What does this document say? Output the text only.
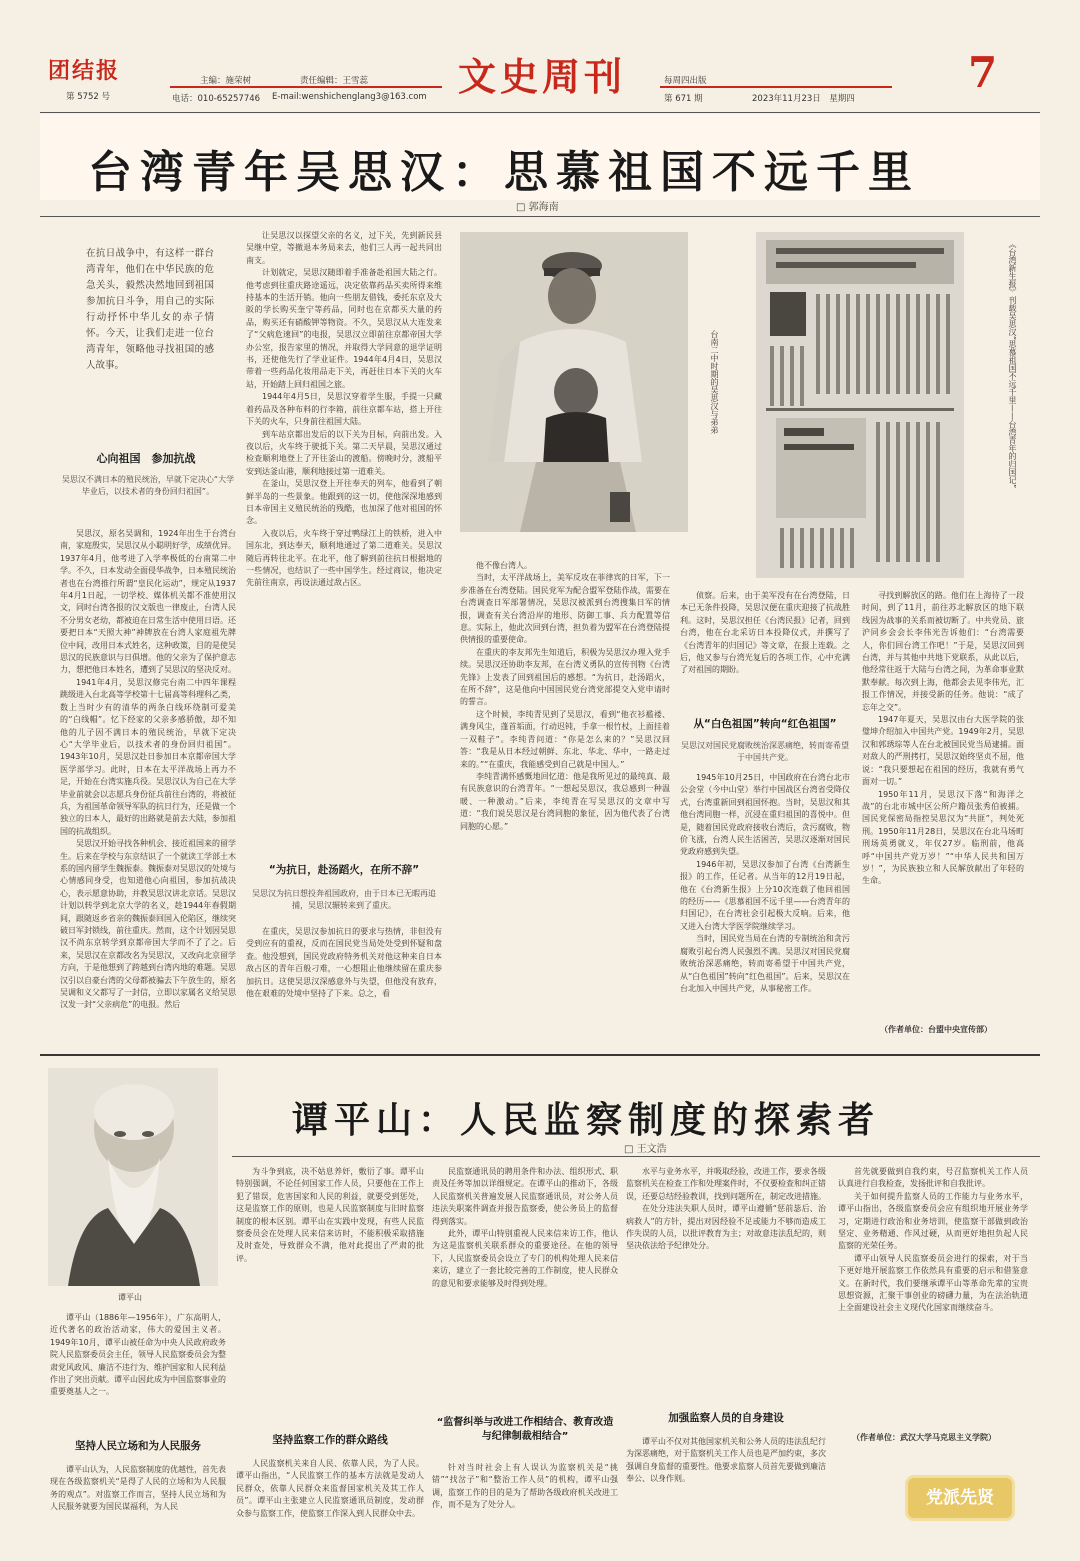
团结报
第 5752 号
主编：施荣树	责任编辑：王雪蕊
电话：010-65257746 E-mail:wenshichenglang3@163.com 文史周刊	每周四出版
第 671 期	2023年11月23日　星期四
7
台湾青年吴思汉：思慕祖国不远千里
□ 郭海南
在抗日战争中，有这样一群台湾青年，他们在中华民族的危急关头，毅然决然地回到祖国参加抗日斗争，用自己的实际行动抒怀中华儿女的赤子情怀。今天，让我们走进一位台湾青年，领略他寻找祖国的感人故事。
心向祖国　参加抗战
吴思汉不满日本的殖民统治，早就下定决心“大学毕业后，以技术者的身份回归祖国”。

吴思汉，原名吴调和，1924年出生于台湾台南，家庭殷实，吴思汉从小聪明好学，成绩优异。1937年4月，他考进了入学率极低的台南第二中学。不久，日本发动全面侵华战争，日本殖民统治者也在台湾推行所谓“皇民化运动”，规定从1937年4月1日起，一切学校、媒体机关都不准使用汉文，同时台湾各报的汉文版也一律废止，台湾人民不分男女老幼，都被迫在日常生活中使用日语。还要把日本“天照大神”神牌放在台湾人家庭祖先牌位中间，改用日本式姓名，这种政策，目的是使吴思汉的民族意识与日俱增。他的父亲为了保护意志力，想把他日本姓名，遭到了吴思汉的坚决反对。

1941年4月，吴思汉修完台南二中四年课程跳级进入台北高等学校第十七届高等科理科乙类，数上当时少有的清华的两条白线环绕制可爱美的“白线帽”。忆下经家的父亲多感骄傲，却不知他的儿子因不满日本的殖民统治，早就下定决心“大学毕业后，以技术者的身份回归祖国”。1943年10月，吴思汉赴日参加日本京都帝国大学医学部学习。此时，日本在太平洋战场上再力不足，开始在台湾实施兵役。吴思汉认为自己在大学毕业前就会以志愿兵身份征兵前往台湾的，将被征兵，为祖国革命领导军队的抗日行为，还是做一个独立的日本人，最好的出路就是前去大陆，参加祖国的抗战组织。

吴思汉开始寻找各种机会、接近祖国来的留学生。后来在学校与东京结识了一个就读工学部土木系的国内留学生魏振泰。魏振泰对吴思汉的处境与心情感同身受，也知道他心向祖国，参加抗战决心，表示愿意协助，并教吴思汉讲北京话。吴思汉计划以转学到北京大学的名义，趁1944年春假期间，跟随返乡省亲的魏振泰回国入伦陷区，继续突破日军封锁线，前往重庆。然而，这个计划因吴思汉不尚东京转学到京都帝国大学而不了了之。后来，吴思汉在京都改名为吴思汉，又改向北京留学方向，于是他想到了跨越到台湾内地的难题。吴思汉引以自豪台湾的父母都被骗去下午放生的，原名吴调和义父都写了一封信，立即以家属名义给吴思汉发一封“父亲病危”的电报。然后

让吴思汉以探望父亲的名义，过下关，先到新民县吴继中堂，等撤退本务局来去，他们三人再一起共同出南支。

计划就定，吴思汉随即着手准备赴祖国大陆之行。他考虑到往重庆路途遥远，决定依靠药品买卖所得来维持基本的生活开销。他向一些朋友借钱，委托东京及大阪的学长购买奎宁等药品，同时也在京都买大量的药品，购买还有硝酸钾等物资。不久，吴思汉从大连发来了“父病危速回”的电报，吴思汉立即前往京都帝国大学办公室，报告家里的情况，并取得大学同意的退学证明书，还使他先行了学业证件。1944年4月4日，吴思汉带着一些药品化妆用品走下关，再赶往日本下关的火车站，开始踏上回归祖国之旅。

1944年4月5日，吴思汉穿着学生服，手提一只藏着药品及各种布料的行李箱，前往京都车站，搭上开往下关的火车，只身前往祖国大陆。

到车站京都出发后的以下关为目标，向前出发。入夜以后，火车终于驶抵下关。第二天早晨，吴思汉通过检查顺利地登上了开往釜山的渡船。傍晚时分，渡船平安到达釜山港，顺利地接过第一道难关。

在釜山，吴思汉登上开往奉天的列车，他看到了朝鲜半岛的一些景象。他跟到的这一切，使他深深地感到日本帝国主义殖民统治的残酷，也加深了他对祖国的怀念。

入夜以后，火车终于穿过鸭绿江上的铁桥，进入中国东北，到达奉天，顺利地通过了第二道难关。吴思汉随后再转往北平。在北平，他了解到前往抗日根据地的一些情况，也结识了一些中国学生。经过商议，他决定先前往南京，再设法通过敌占区。

“为抗日，赴汤蹈火，在所不辞”
吴思汉为抗日想投奔祖国政府，由于日本已无暇再追捕，吴思汉辗转来到了重庆。

在重庆，吴思汉参加抗日的要求与热情，非但没有受到应有的重视，反而在国民党当局处处受到怀疑和盘查。他没想到，国民党政府特务机关对他这种来自日本敌占区的青年百般刁难，一心想阻止他继续留在重庆参加抗日。这使吴思汉深感意外与失望，但他没有放弃，他在艰难的处境中坚持了下来。总之，看

台南二中时期的吴思汉与弟弟	《台湾新生报》刊载吴思汉“思慕祖国不远千里——台湾青年的归国记”

他不像台湾人。

当时，太平洋战场上，美军反攻在菲律宾的日军，下一步准备在台湾登陆。国民党军为配合盟军登陆作战，需要在台湾调查日军部署情况，吴思汉被派到台湾搜集日军的情报，调查有关台湾沿岸的地形、防御工事、兵力配置等信息。实际上，他此次回到台湾，担负着为盟军在台湾登陆提供情报的重要使命。

在重庆的李友邦先生知道后，积极为吴思汉办理入党手续。吴思汉还协助李友邦，在台湾义勇队的宣传刊物《台湾先锋》上发表了回到祖国后的感想。“为抗日，赴汤蹈火，在所不辞”，这是他向中国国民党台湾党部提交入党申请时的誓言。

这个时候，李纯青见到了吴思汉，看到“他衣衫褴褛、满身风尘，蓬首垢面，行动迟钝，手拿一根竹杖，上面挂着一双鞋子”。李纯青问道：“你是怎么来的？”吴思汉回答：“我是从日本经过朝鲜、东北、华北、华中，一路走过来的。”“在重庆，我能感受到自己就是中国人。”

李纯青满怀感慨地回忆道：他是我所见过的最纯真、最有民族意识的台湾青年。“一想起吴思汉，我总感到一种温暖、一种激动。”后来，李纯青在写吴思汉的文章中写道：“我们说吴思汉是台湾同胞的象征，因为他代表了台湾同胞的心愿。”

侦察。后来，由于美军没有在台湾登陆，日本已无条件投降，吴思汉便在重庆迎接了抗战胜利。这时，吴思汉担任《台湾民报》记者，回到台湾，他在台北采访日本投降仪式，并撰写了《台湾青年的归国记》等文章，在报上连载。之后，他又参与台湾光复后的各项工作，心中充满了对祖国的期盼。

从“白色祖国”转向“红色祖国”
吴思汉对国民党腐败统治深恶痛绝，转而寄希望于中国共产党。

1945年10月25日，中国政府在台湾台北市公会堂（今中山堂）举行中国战区台湾省受降仪式，台湾重新回到祖国怀抱。当时，吴思汉和其他台湾同胞一样，沉浸在重归祖国的喜悦中。但是，随着国民党政府接收台湾后，贪污腐败，物价飞涨，台湾人民生活困苦，吴思汉逐渐对国民党政府感到失望。

1946年初，吴思汉参加了台湾《台湾新生报》的工作，任记者。从当年的12月19日起，他在《台湾新生报》上分10次连载了他回祖国的经历——《思慕祖国不远千里——台湾青年的归国记》，在台湾社会引起极大反响。后来，他又进入台湾大学医学院继续学习。

当时，国民党当局在台湾的专制统治和贪污腐败引起台湾人民强烈不满。吴思汉对国民党腐败统治深恶痛绝，转而寄希望于中国共产党，从“白色祖国”转向“红色祖国”。后来，吴思汉在台北加入中国共产党，从事秘密工作。

寻找到解放区的路。他们在上海待了一段时间，到了11月，前往苏北解放区的地下联线因为战事的关系而被切断了。中共党员、旅沪同乡会会长李伟光告诉他们：“台湾需要人，你们回台湾工作吧！”于是，吴思汉回到台湾，并与其他中共地下党联系，从此以后，他经常往返于大陆与台湾之间，为革命事业默默奉献。每次到上海，他都会去见李伟光，汇报工作情况，并接受新的任务。他说：“成了忘年之交”。

1947年夏天，吴思汉由台大医学院的张璧坤介绍加入中国共产党。1949年2月，吴思汉和郭琇琮等人在台北被国民党当局逮捕。面对敌人的严刑拷打，吴思汉始终坚贞不屈，他说：“我只要想起在祖国的经历，我就有勇气面对一切。”

1950年11月，吴思汉下落“和海洋之战”的台北市城中区公所户籍员张秀伯被捕。国民党保密局指控吴思汉为“共匪”，判处死刑。1950年11月28日，吴思汉在台北马场町刑场英勇就义，年仅27岁。临刑前，他高呼“中国共产党万岁！”“中华人民共和国万岁！”，为民族独立和人民解放献出了年轻的生命。

（作者单位：台盟中央宣传部）
谭平山
谭平山：人民监察制度的探索者
□ 王文浩

谭平山（1886年—1956年），广东高明人，近代著名的政治活动家，伟大的爱国主义者。1949年10月，谭平山被任命为中央人民政府政务院人民监察委员会主任，领导人民监察委员会为整肃党风政风、廉洁不违行为、维护国家和人民利益作出了突出贡献。谭平山因此成为中国监察事业的重要奠基人之一。

坚持人民立场和为人民服务

谭平山认为，人民监察制度的优越性，首先表现在各级监察机关“是得了人民的立场和为人民服务的观点”。对监察工作而言，坚持人民立场和为人民服务就要为国民谋福利，为人民

为斗争到底，决不姑息养奸，敷衍了事。谭平山特别强调，不论任何国家工作人员，只要他在工作上犯了错误，危害国家和人民的利益，就要受到惩处，这是监察工作的原则，也是人民监察制度与旧时监察制度的根本区别。谭平山在实践中发现，有些人民监察委员会在处理人民来信来访时，不能积极采取措施及时查处，导致群众不满，他对此提出了严肃的批评。

坚持监察工作的群众路线

人民监察机关来自人民、依靠人民，为了人民。谭平山指出，“人民监察工作的基本方法就是发动人民群众，依靠人民群众来监督国家机关及其工作人员”。谭平山主张建立人民监察通讯员制度，发动群众参与监察工作，使监察工作深入到人民群众中去。

民监察通讯员的聘用条件和办法、组织形式、职责及任务等加以详细规定。在谭平山的推动下，各级人民监察机关普遍发展人民监察通讯员，对公务人员违法失职案件调查并报告监察委，使公务员上的监督得到落实。

此外，谭平山特别重视人民来信来访工作，他认为这是监察机关联系群众的重要途径。在他的领导下，人民监察委员会设立了专门的机构处理人民来信来访，建立了一套比较完善的工作制度，使人民群众的意见和要求能够及时得到处理。

“监督纠举与改进工作相结合、教育改造与纪律制裁相结合”

针对当时社会上有人误认为监察机关是“挑错”“找岔子”和“整治工作人员”的机构，谭平山强调，监察工作的目的是为了帮助各级政府机关改进工作，而不是为了处分人。

水平与业务水平，并吸取经验，改进工作，要求各级监察机关在检查工作和处理案件时，不仅要检查和纠正错误，还要总结经验教训，找到问题所在，制定改进措施。

在处分违法失职人员时，谭平山遵循“惩前毖后、治病救人”的方针，提出对因经验不足或能力不够而造成工作失误的人员，以批评教育为主；对故意违法乱纪的，则坚决依法给予纪律处分。

加强监察人员的自身建设

谭平山不仅对其他国家机关和公务人员的违法乱纪行为深恶痛绝，对于监察机关工作人员也是严加约束，多次强调自身监督的重要性。他要求监察人员首先要做到廉洁奉公、以身作则。

首先就要做到自我约束，号召监察机关工作人员认真进行自我检查，发扬批评和自我批评。

关于如何提升监察人员的工作能力与业务水平，谭平山指出，各级监察委员会应有组织地开展业务学习，定期进行政治和业务培训，使监察干部做到政治坚定、业务精通、作风过硬，从而更好地担负起人民监察的光荣任务。

谭平山领导人民监察委员会进行的探索，对于当下更好地开展监察工作依然具有重要的启示和借鉴意义。在新时代，我们要继承谭平山等革命先辈的宝贵思想资源，汇聚干事创业的磅礴力量，为在法治轨道上全面建设社会主义现代化国家而继续奋斗。

（作者单位：武汉大学马克思主义学院）
党派先贤
